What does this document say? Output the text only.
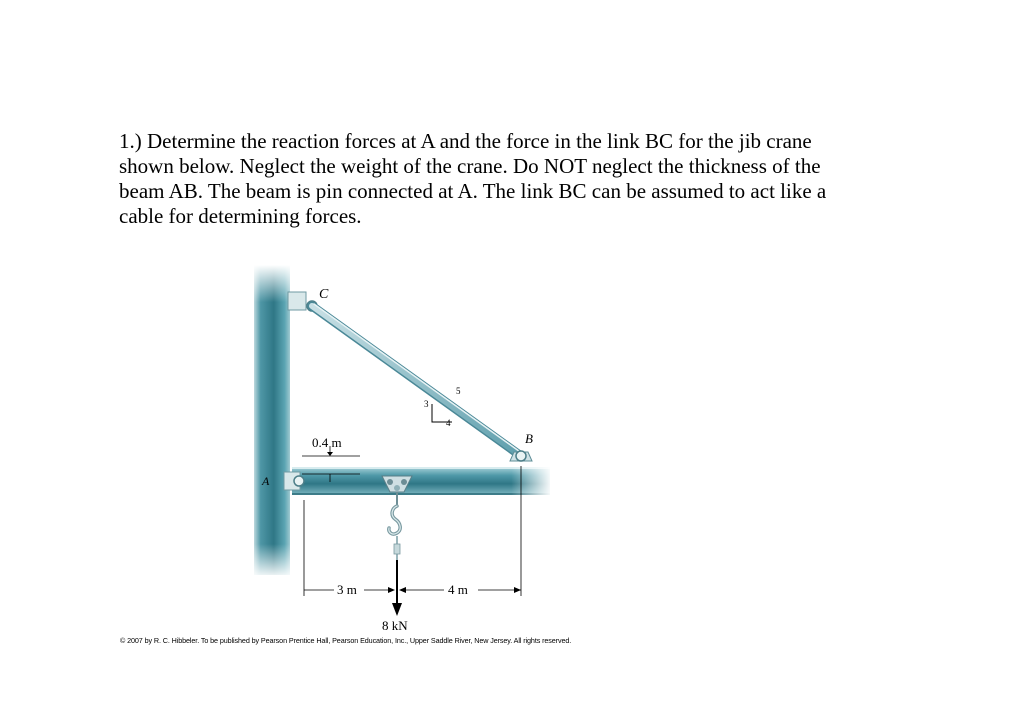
1.) Determine the reaction forces at A and the force in the link BC for the jib crane
shown below. Neglect the weight of the crane. Do NOT neglect the thickness of the
beam AB. The beam is pin connected at A. The link BC can be assumed to act like a
cable for determining forces.
C
B
A
5
3
4
0.4 m
8 kN
3 m	4 m
© 2007 by R. C. Hibbeler. To be published by Pearson Prentice Hall, Pearson Education, Inc., Upper Saddle River, New Jersey. All rights reserved.
